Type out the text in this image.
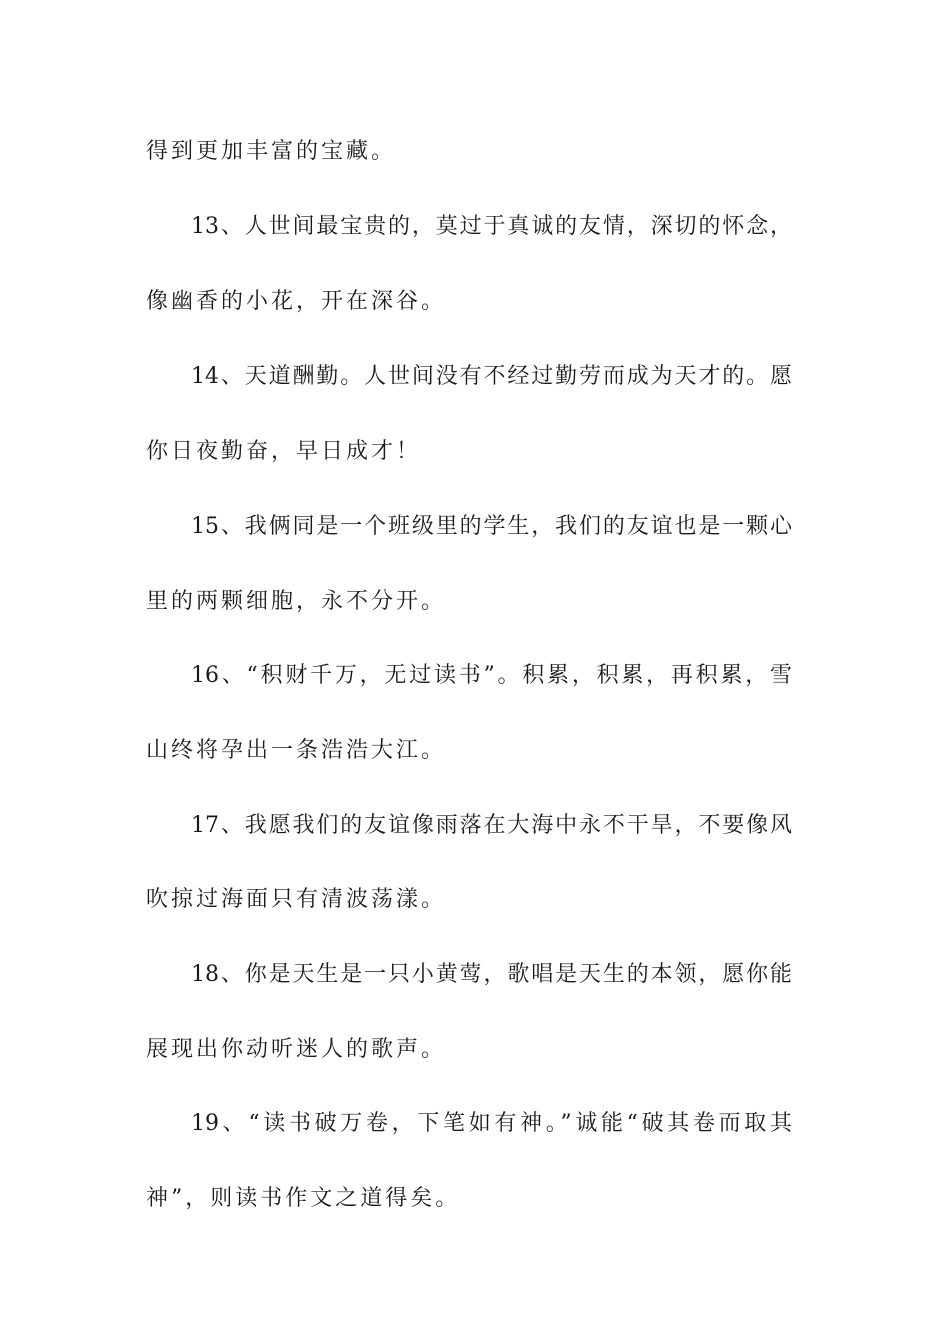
得到更加丰富的宝藏。
13、人世间最宝贵的，莫过于真诚的友情，深切的怀念，
像幽香的小花，开在深谷。
14、天道酬勤。人世间没有不经过勤劳而成为天才的。愿
你日夜勤奋，早日成才！
15、我俩同是一个班级里的学生，我们的友谊也是一颗心
里的两颗细胞，永不分开。
16、“积财千万，无过读书”。积累，积累，再积累，雪
山终将孕出一条浩浩大江。
17、我愿我们的友谊像雨落在大海中永不干旱，不要像风
吹掠过海面只有清波荡漾。
18、你是天生是一只小黄莺，歌唱是天生的本领，愿你能
展现出你动听迷人的歌声。
19、“读书破万卷，下笔如有神。”诚能“破其卷而取其
神”，则读书作文之道得矣。
